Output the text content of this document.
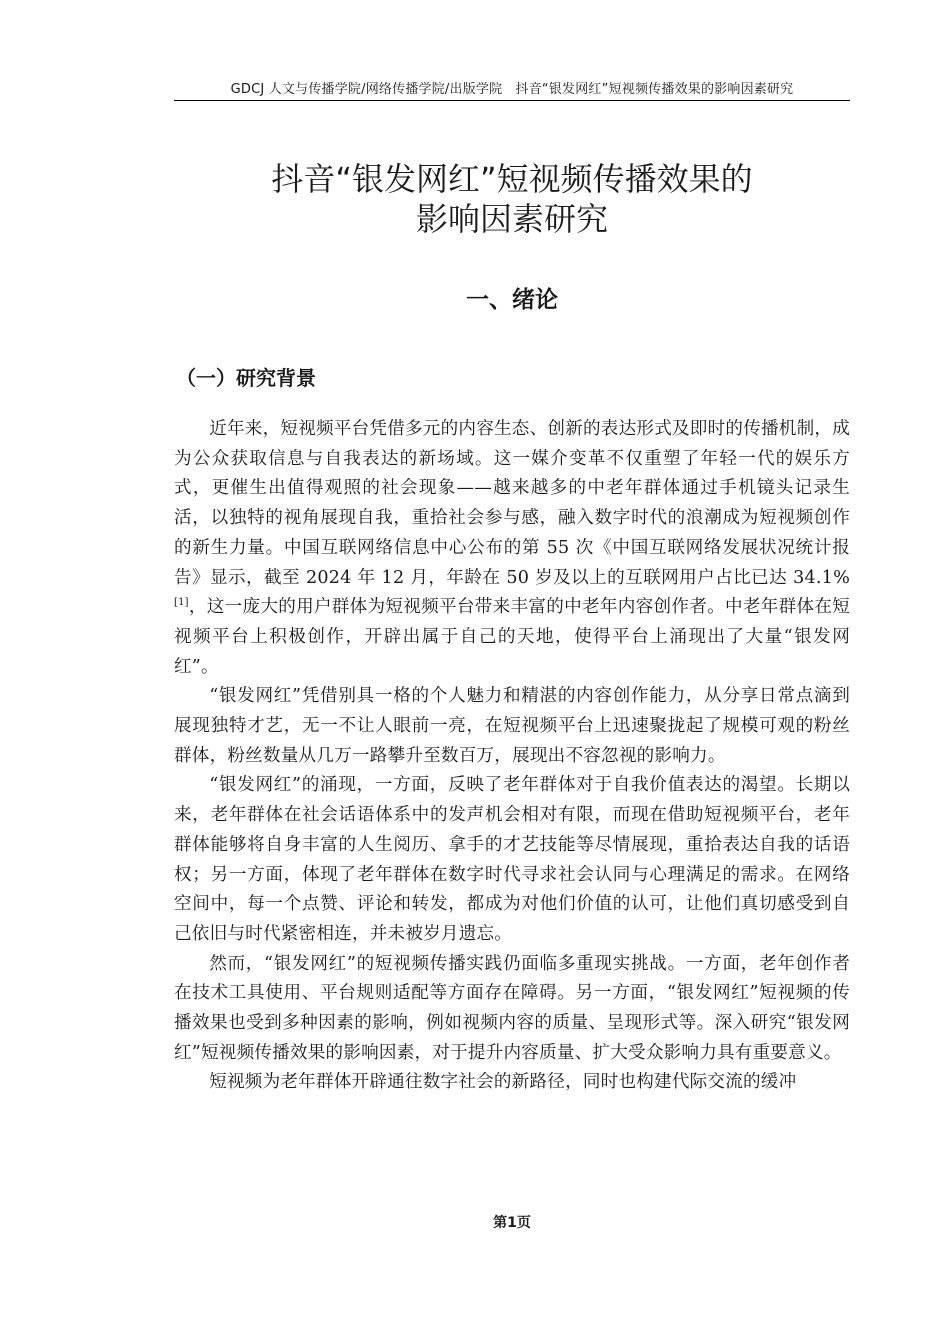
GDCJ 人文与传播学院/网络传播学院/出版学院　抖音“银发网红”短视频传播效果的影响因素研究
抖音“银发网红”短视频传播效果的
影响因素研究
一、绪论
（一）研究背景

近年来，短视频平台凭借多元的内容生态、创新的表达形式及即时的传播机制，成为公众获取信息与自我表达的新场域。这一媒介变革不仅重塑了年轻一代的娱乐方式，更催生出值得观照的社会现象——越来越多的中老年群体通过手机镜头记录生活，以独特的视角展现自我，重拾社会参与感，融入数字时代的浪潮成为短视频创作的新生力量。中国互联网络信息中心公布的第 55 次《中国互联网络发展状况统计报告》显示，截至 2024 年 12 月，年龄在 50 岁及以上的互联网用户占比已达 34.1%[1]，这一庞大的用户群体为短视频平台带来丰富的中老年内容创作者。中老年群体在短视频平台上积极创作，开辟出属于自己的天地，使得平台上涌现出了大量“银发网红”。

“银发网红”凭借别具一格的个人魅力和精湛的内容创作能力，从分享日常点滴到展现独特才艺，无一不让人眼前一亮，在短视频平台上迅速聚拢起了规模可观的粉丝群体，粉丝数量从几万一路攀升至数百万，展现出不容忽视的影响力。

“银发网红”的涌现，一方面，反映了老年群体对于自我价值表达的渴望。长期以来，老年群体在社会话语体系中的发声机会相对有限，而现在借助短视频平台，老年群体能够将自身丰富的人生阅历、拿手的才艺技能等尽情展现，重拾表达自我的话语权；另一方面，体现了老年群体在数字时代寻求社会认同与心理满足的需求。在网络空间中，每一个点赞、评论和转发，都成为对他们价值的认可，让他们真切感受到自己依旧与时代紧密相连，并未被岁月遗忘。

然而，“银发网红”的短视频传播实践仍面临多重现实挑战。一方面，老年创作者在技术工具使用、平台规则适配等方面存在障碍。另一方面，“银发网红”短视频的传播效果也受到多种因素的影响，例如视频内容的质量、呈现形式等。深入研究“银发网红”短视频传播效果的影响因素，对于提升内容质量、扩大受众影响力具有重要意义。

短视频为老年群体开辟通往数字社会的新路径，同时也构建代际交流的缓冲

第1页
